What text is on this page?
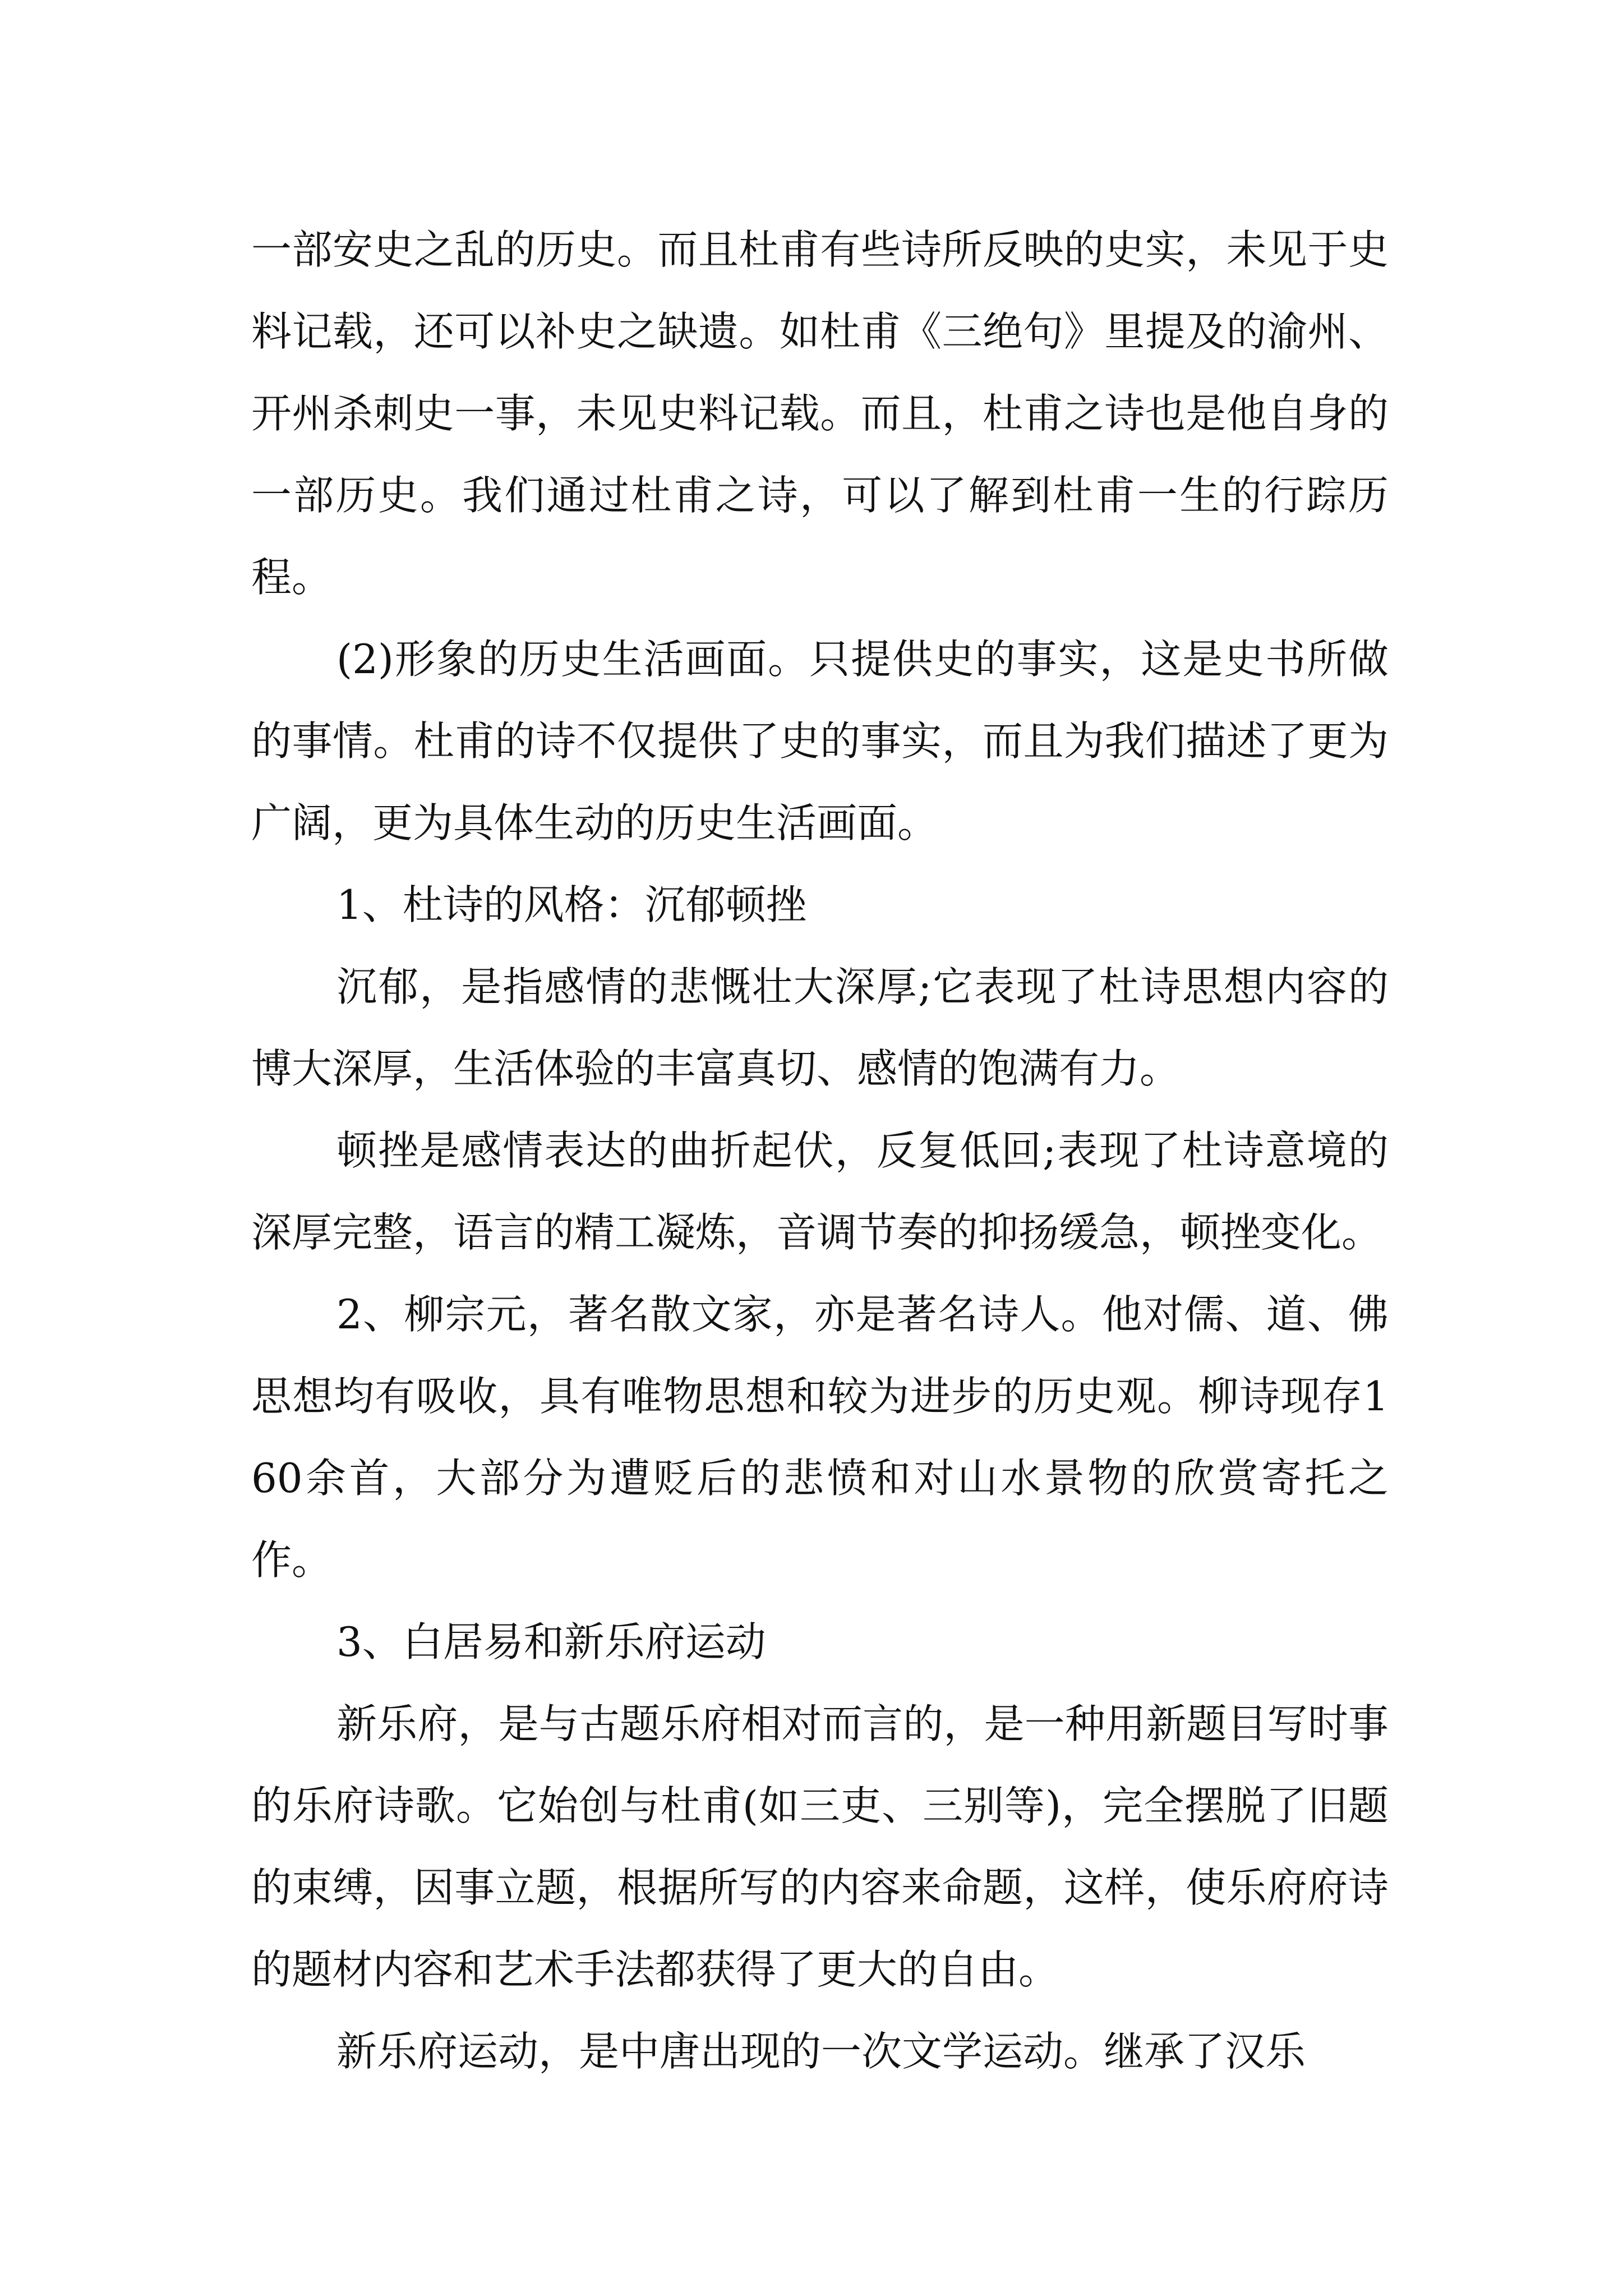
一部安史之乱的历史。而且杜甫有些诗所反映的史实，未见于史料记载，还可以补史之缺遗。如杜甫《三绝句》里提及的渝州、开州杀刺史一事，未见史料记载。而且，杜甫之诗也是他自身的一部历史。我们通过杜甫之诗，可以了解到杜甫一生的行踪历程。

(2)形象的历史生活画面。只提供史的事实，这是史书所做的事情。杜甫的诗不仅提供了史的事实，而且为我们描述了更为广阔，更为具体生动的历史生活画面。

1、杜诗的风格：沉郁顿挫

沉郁，是指感情的悲慨壮大深厚;它表现了杜诗思想内容的博大深厚，生活体验的丰富真切、感情的饱满有力。

顿挫是感情表达的曲折起伏，反复低回;表现了杜诗意境的深厚完整，语言的精工凝炼，音调节奏的抑扬缓急，顿挫变化。

2、柳宗元，著名散文家，亦是著名诗人。他对儒、道、佛思想均有吸收，具有唯物思想和较为进步的历史观。柳诗现存160余首，大部分为遭贬后的悲愤和对山水景物的欣赏寄托之作。

3、白居易和新乐府运动

新乐府，是与古题乐府相对而言的，是一种用新题目写时事的乐府诗歌。它始创与杜甫(如三吏、三别等)，完全摆脱了旧题的束缚，因事立题，根据所写的内容来命题，这样，使乐府府诗的题材内容和艺术手法都获得了更大的自由。

新乐府运动，是中唐出现的一次文学运动。继承了汉乐
